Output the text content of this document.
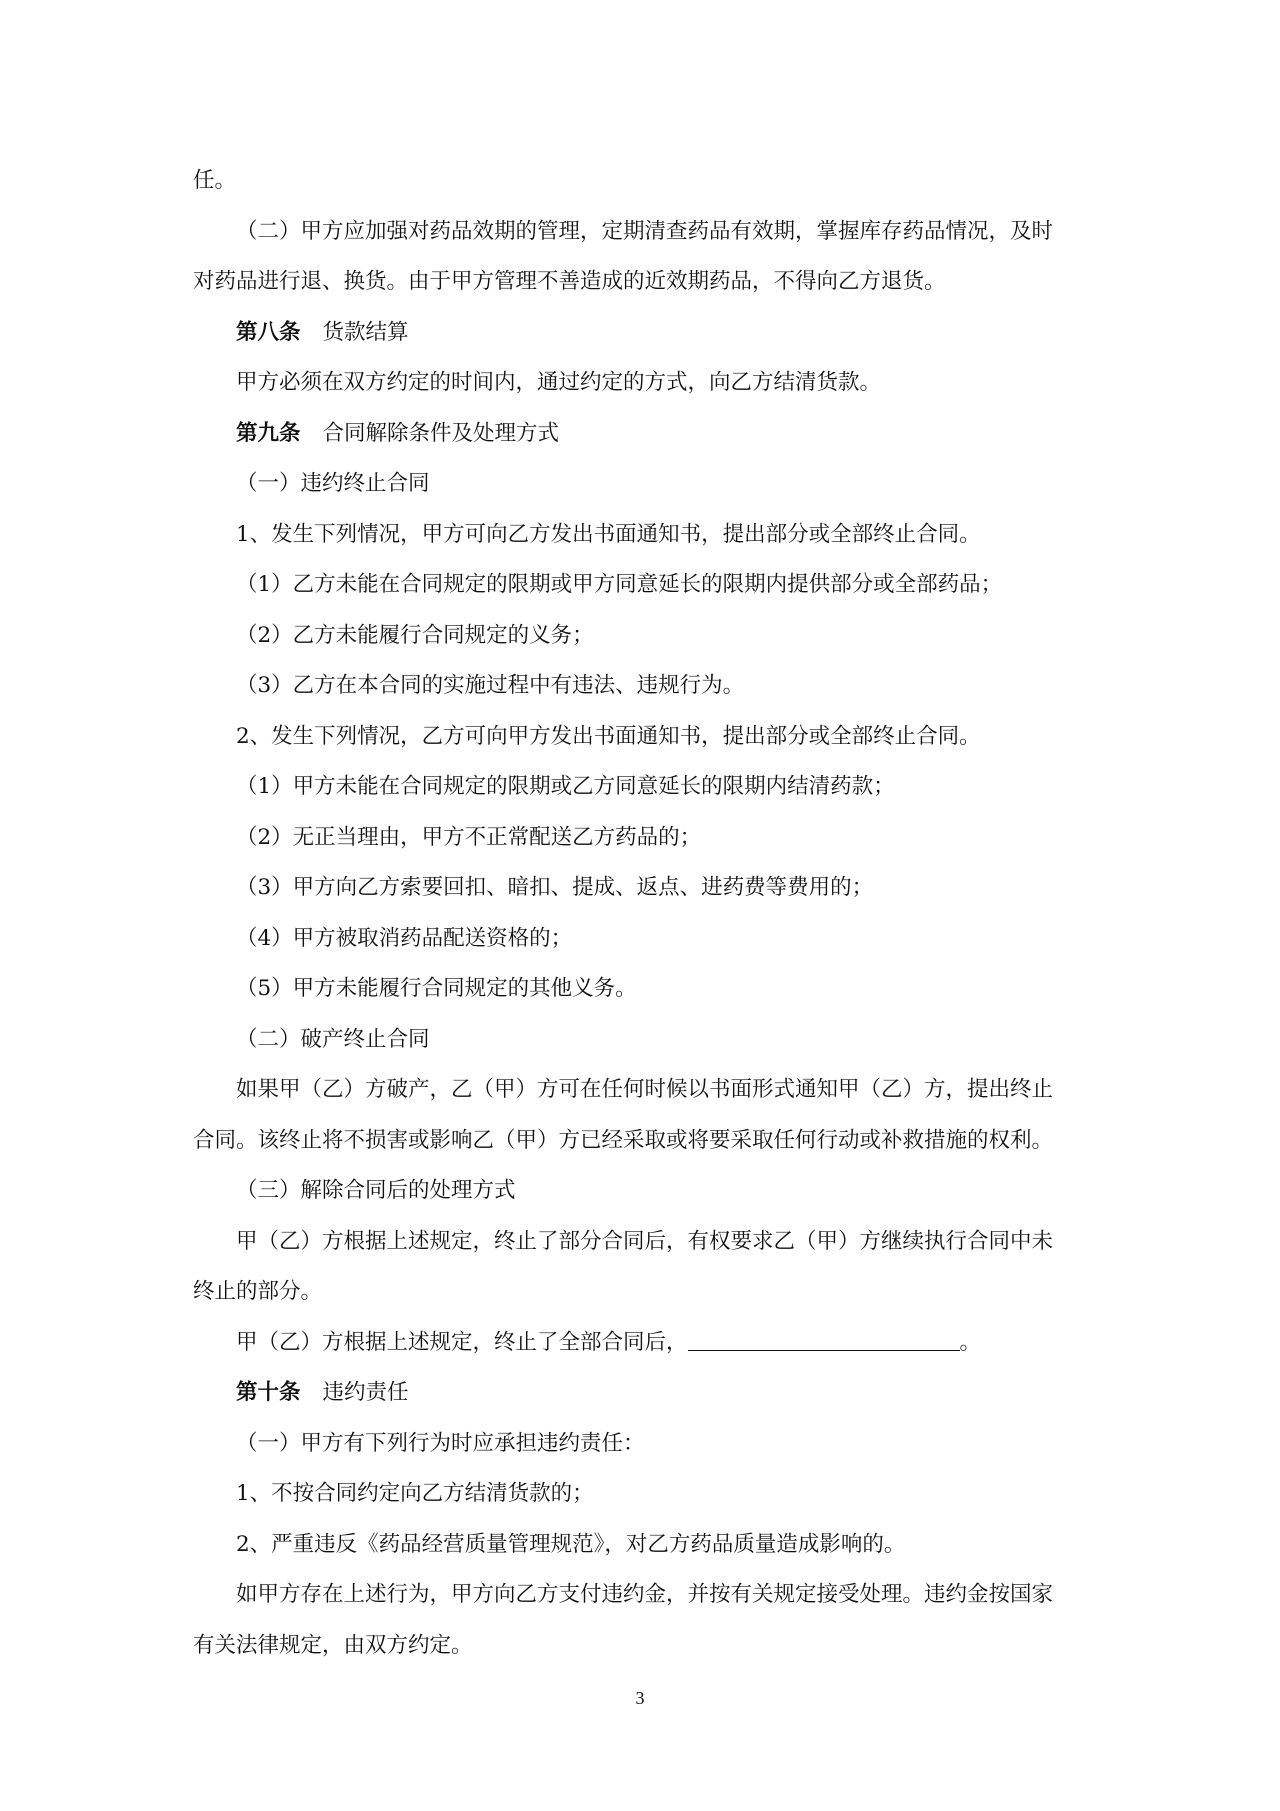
任。

（二）甲方应加强对药品效期的管理，定期清查药品有效期，掌握库存药品情况，及时

对药品进行退、换货。由于甲方管理不善造成的近效期药品，不得向乙方退货。

第八条 货款结算

甲方必须在双方约定的时间内，通过约定的方式，向乙方结清货款。

第九条 合同解除条件及处理方式

（一）违约终止合同

1、发生下列情况，甲方可向乙方发出书面通知书，提出部分或全部终止合同。

（1）乙方未能在合同规定的限期或甲方同意延长的限期内提供部分或全部药品；

（2）乙方未能履行合同规定的义务；

（3）乙方在本合同的实施过程中有违法、违规行为。

2、发生下列情况，乙方可向甲方发出书面通知书，提出部分或全部终止合同。

（1）甲方未能在合同规定的限期或乙方同意延长的限期内结清药款；

（2）无正当理由，甲方不正常配送乙方药品的；

（3）甲方向乙方索要回扣、暗扣、提成、返点、进药费等费用的；

（4）甲方被取消药品配送资格的；

（5）甲方未能履行合同规定的其他义务。

（二）破产终止合同

如果甲（乙）方破产，乙（甲）方可在任何时候以书面形式通知甲（乙）方，提出终止

合同。该终止将不损害或影响乙（甲）方已经采取或将要采取任何行动或补救措施的权利。

（三）解除合同后的处理方式

甲（乙）方根据上述规定，终止了部分合同后，有权要求乙（甲）方继续执行合同中未

终止的部分。

甲（乙）方根据上述规定，终止了全部合同后，	。

第十条 违约责任

（一）甲方有下列行为时应承担违约责任：

1、不按合同约定向乙方结清货款的；

2、严重违反《药品经营质量管理规范》，对乙方药品质量造成影响的。

如甲方存在上述行为，甲方向乙方支付违约金，并按有关规定接受处理。违约金按国家

有关法律规定，由双方约定。

3
